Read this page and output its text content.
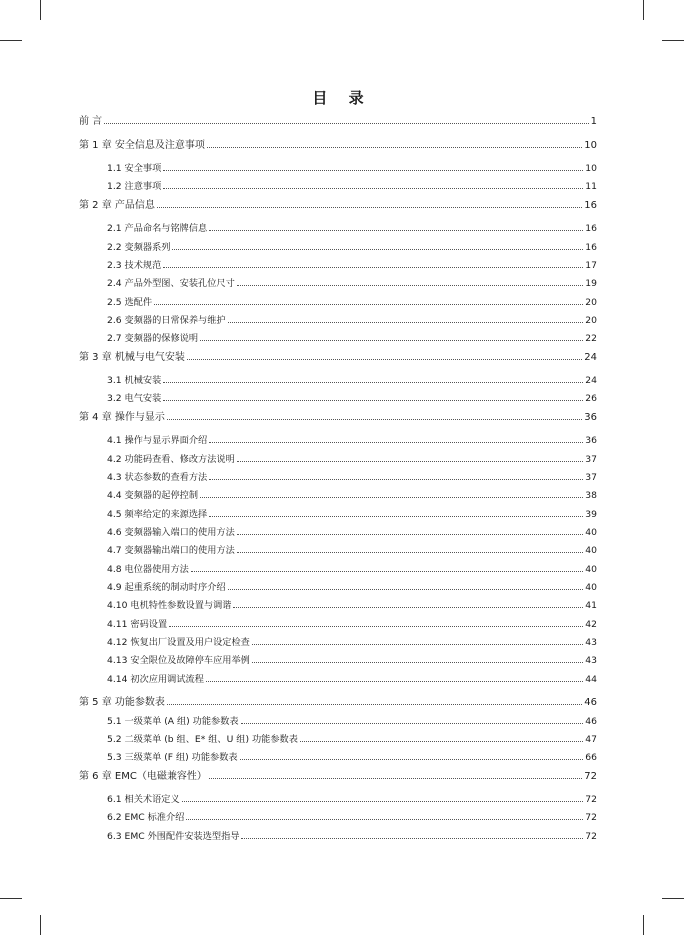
目 录
前 言	1
第 1 章 安全信息及注意事项	10
1.1 安全事项	10
1.2 注意事项	11
第 2 章 产品信息	16
2.1 产品命名与铭牌信息	16
2.2 变频器系列	16
2.3 技术规范	17
2.4 产品外型图、安装孔位尺寸	19
2.5 选配件	20
2.6 变频器的日常保养与维护	20
2.7 变频器的保修说明	22
第 3 章 机械与电气安装	24
3.1 机械安装	24
3.2 电气安装	26
第 4 章 操作与显示	36
4.1 操作与显示界面介绍	36
4.2 功能码查看、修改方法说明	37
4.3 状态参数的查看方法	37
4.4 变频器的起停控制	38
4.5 频率给定的来源选择	39
4.6 变频器输入端口的使用方法	40
4.7 变频器输出端口的使用方法	40
4.8 电位器使用方法	40
4.9 起重系统的制动时序介绍	40
4.10 电机特性参数设置与调谐	41
4.11 密码设置	42
4.12 恢复出厂设置及用户设定检查	43
4.13 安全限位及故障停车应用举例	43
4.14 初次应用调试流程	44
第 5 章 功能参数表	46
5.1 一级菜单 (A 组) 功能参数表	46
5.2 二级菜单 (b 组、E* 组、U 组) 功能参数表	47
5.3 三级菜单 (F 组) 功能参数表	66
第 6 章 EMC（电磁兼容性）	72
6.1 相关术语定义	72
6.2 EMC 标准介绍	72
6.3 EMC 外围配件安装选型指导	72
